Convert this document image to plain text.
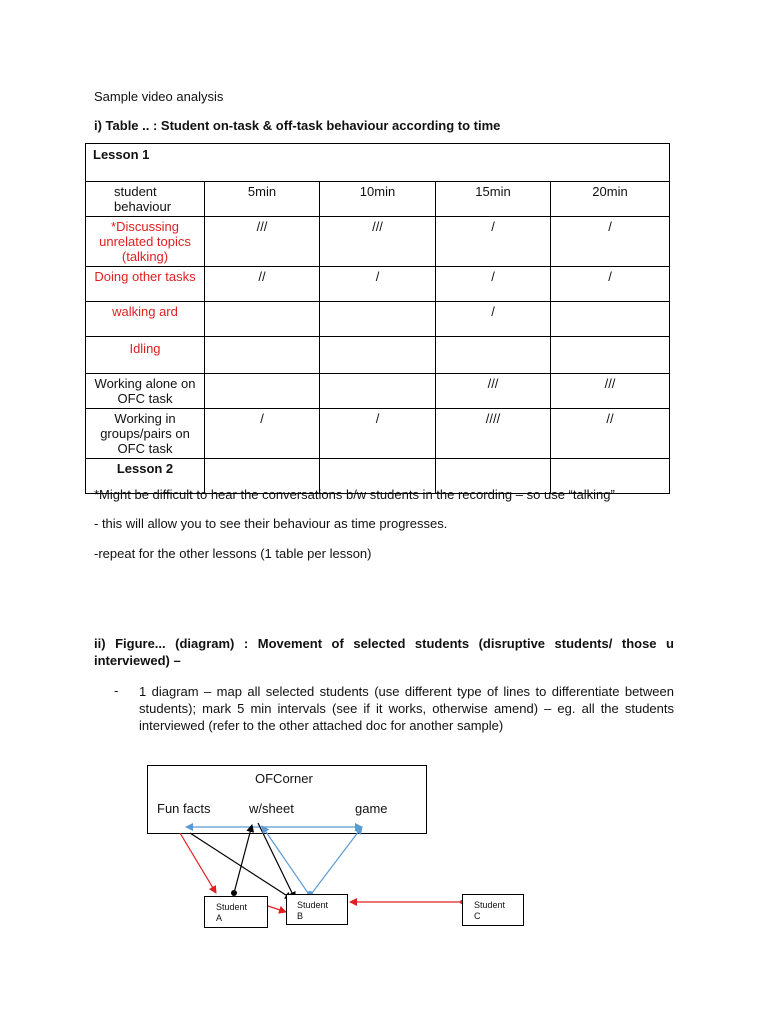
Sample video analysis
i) Table .. : Student on-task & off-task behaviour according to time
Lesson 1				
student behaviour	5min	10min	15min	20min
*Discussing unrelated topics (talking)	///	///	/	/
Doing other tasks	//	/	/	/
walking ard			/	
Idling				
Working alone on OFC task			///	///
Working in groups/pairs on OFC task	/	/	////	//
Lesson 2				
*Might be difficult to hear the conversations b/w students in the recording – so use “talking”
- this will allow you to see their behaviour as time progresses.
-repeat for the other lessons (1 table per lesson)
ii) Figure... (diagram) : Movement of selected students (disruptive students/ those u interviewed) –
- 1 diagram – map all selected students (use different type of lines to differentiate between students); mark 5 min intervals (see if it works, otherwise amend) – eg. all the students interviewed (refer to the other attached doc for another sample)
OFCorner
Fun facts	w/sheet	game
Student
A
Student
B
Student
C
